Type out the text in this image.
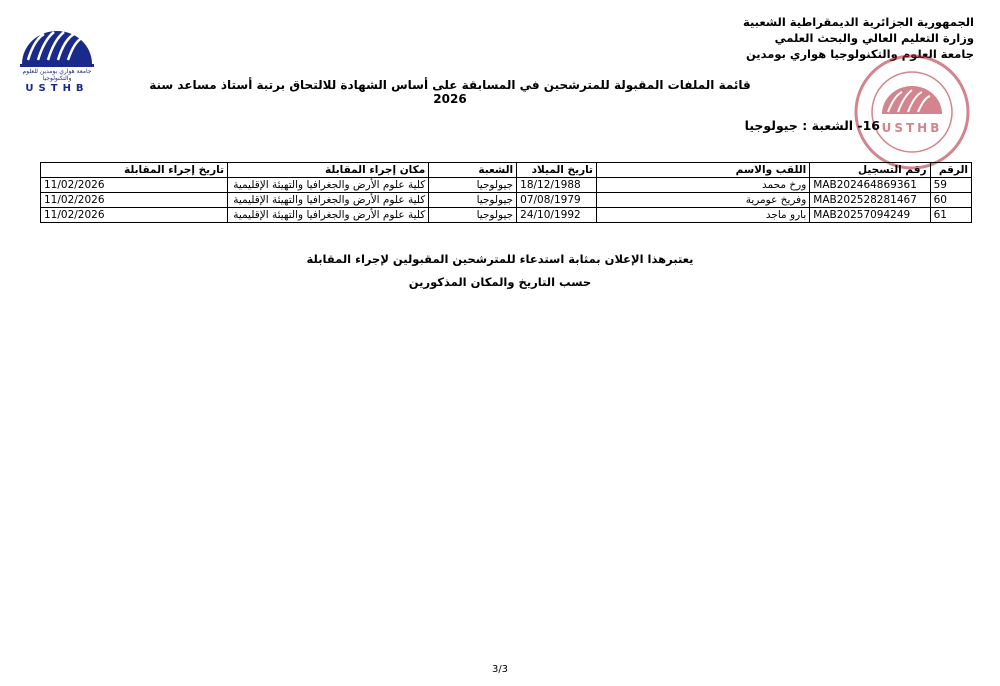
الجمهورية الجزائرية الديمقراطية الشعبية
وزارة التعليم العالي والبحث العلمي
جامعة العلوم والتكنولوجيا هواري بومدين
جامعة هواري بومدين للعلوم والتكنولوجيا
USTHB
USTHB
قائمة الملفات المقبولة للمترشحين في المسابقة على أساس الشهادة للالتحاق برتبة أستاذ مساعد سنة 2026
16- الشعبة : جيولوجيا
الرقم	رقم التسجيل	اللقب والاسم	تاريخ الميلاد	الشعبة	مكان إجراء المقابلة	تاريخ إجراء المقابلة
59	MAB202464869361	ورخ محمد	18/12/1988	جيولوجيا	كلية علوم الأرض والجغرافيا والتهيئة الإقليمية	11/02/2026
60	MAB202528281467	وفريخ عومرية	07/08/1979	جيولوجيا	كلية علوم الأرض والجغرافيا والتهيئة الإقليمية	11/02/2026
61	MAB20257094249	بارو ماجد	24/10/1992	جيولوجيا	كلية علوم الأرض والجغرافيا والتهيئة الإقليمية	11/02/2026
يعتبرهذا الإعلان بمثابة استدعاء للمترشحين المقبولين لإجراء المقابلة
حسب التاريخ والمكان المذكورين
3/3
